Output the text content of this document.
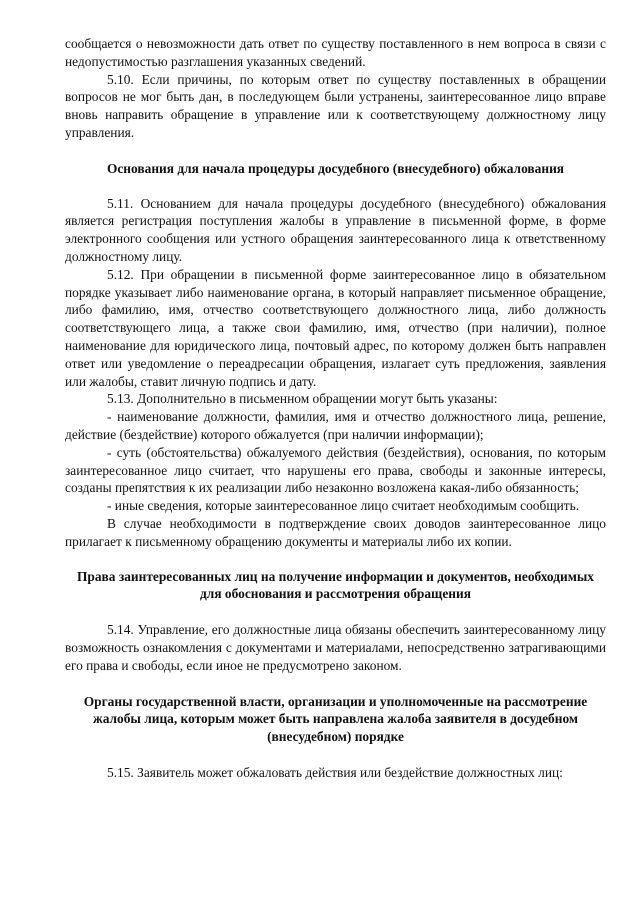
сообщается о невозможности дать ответ по существу поставленного в нем вопроса в связи с недопустимостью разглашения указанных сведений.

5.10. Если причины, по которым ответ по существу поставленных в обращении вопросов не мог быть дан, в последующем были устранены, заинтересованное лицо вправе вновь направить обращение в управление или к соответствующему должностному лицу управления.

Основания для начала процедуры досудебного (внесудебного) обжалования

5.11. Основанием для начала процедуры досудебного (внесудебного) обжалования является регистрация поступления жалобы в управление в письменной форме, в форме электронного сообщения или устного обращения заинтересованного лица к ответственному должностному лицу.

5.12. При обращении в письменной форме заинтересованное лицо в обязательном порядке указывает либо наименование органа, в который направляет письменное обращение, либо фамилию, имя, отчество соответствующего должностного лица, либо должность соответствующего лица, а также свои фамилию, имя, отчество (при наличии), полное наименование для юридического лица, почтовый адрес, по которому должен быть направлен ответ или уведомление о переадресации обращения, излагает суть предложения, заявления или жалобы, ставит личную подпись и дату.

5.13. Дополнительно в письменном обращении могут быть указаны:

- наименование должности, фамилия, имя и отчество должностного лица, решение, действие (бездействие) которого обжалуется (при наличии информации);

- суть (обстоятельства) обжалуемого действия (бездействия), основания, по которым заинтересованное лицо считает, что нарушены его права, свободы и законные интересы, созданы препятствия к их реализации либо незаконно возложена какая-либо обязанность;

- иные сведения, которые заинтересованное лицо считает необходимым сообщить.

В случае необходимости в подтверждение своих доводов заинтересованное лицо прилагает к письменному обращению документы и материалы либо их копии.

Права заинтересованных лиц на получение информации и документов, необходимых для обоснования и рассмотрения обращения

5.14. Управление, его должностные лица обязаны обеспечить заинтересованному лицу возможность ознакомления с документами и материалами, непосредственно затрагивающими его права и свободы, если иное не предусмотрено законом.

Органы государственной власти, организации и уполномоченные на рассмотрение жалобы лица, которым может быть направлена жалоба заявителя в досудебном (внесудебном) порядке

5.15. Заявитель может обжаловать действия или бездействие должностных лиц:
